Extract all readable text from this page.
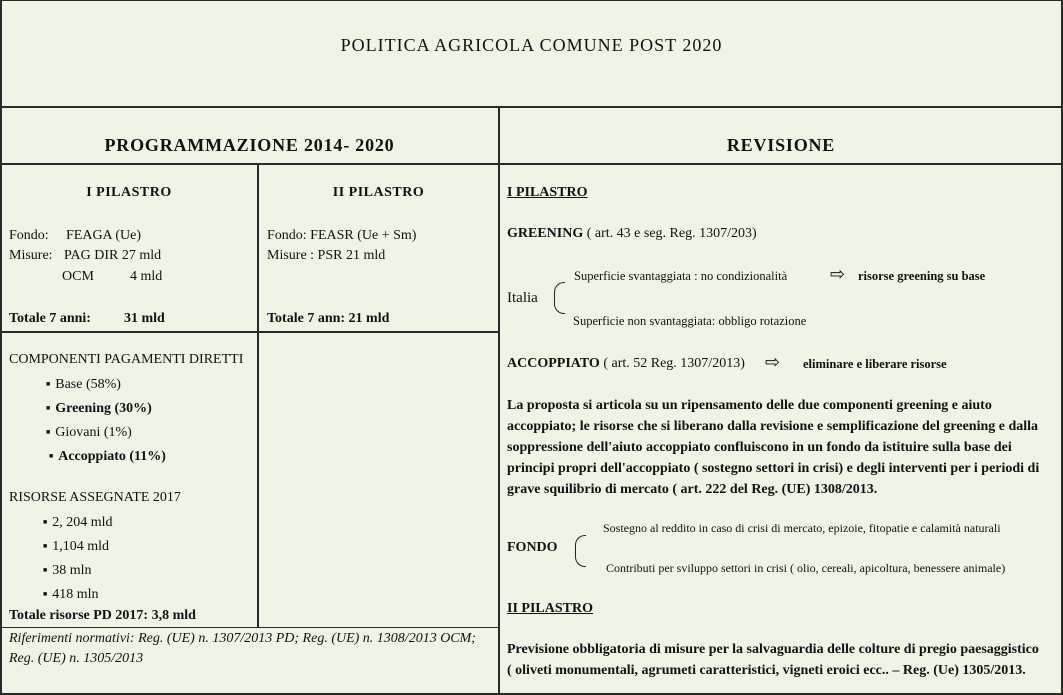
POLITICA AGRICOLA COMUNE POST 2020
PROGRAMMAZIONE 2014- 2020	REVISIONE
I PILASTRO
Fondo: FEAGA (Ue)
Misure: PAG DIR 27 mld
OCM	4 mld
Totale 7 anni: 31 mld
II PILASTRO
Fondo: FEASR (Ue + Sm)
Misure : PSR 21 mld
Totale 7 ann: 21 mld
COMPONENTI PAGAMENTI DIRETTI
■ Base (58%)
■ Greening (30%)
■ Giovani (1%)
■ Accoppiato (11%)
RISORSE ASSEGNATE 2017
■ 2, 204 mld
■ 1,104 mld
■ 38 mln
■ 418 mln
Totale risorse PD 2017: 3,8 mld
Riferimenti normativi: Reg. (UE) n. 1307/2013 PD; Reg. (UE) n. 1308/2013 OCM;
Reg. (UE) n. 1305/2013
I PILASTRO
GREENING ( art. 43 e seg. Reg. 1307/203)
Superficie svantaggiata : no condizionalità ⇨ risorse greening su base
Italia
Superficie non svantaggiata: obbligo rotazione
ACCOPPIATO ( art. 52 Reg. 1307/2013) ⇨ eliminare e liberare risorse
La proposta si articola su un ripensamento delle due componenti greening e aiuto
accoppiato; le risorse che si liberano dalla revisione e semplificazione del greening e dalla
soppressione dell'aiuto accoppiato confluiscono in un fondo da istituire sulla base dei
principi propri dell'accoppiato ( sostegno settori in crisi) e degli interventi per i periodi di
grave squilibrio di mercato ( art. 222 del Reg. (UE) 1308/2013.
Sostegno al reddito in caso di crisi di mercato, epizoie, fitopatie e calamità naturali
FONDO
Contributi per sviluppo settori in crisi ( olio, cereali, apicoltura, benessere animale)
II PILASTRO
Previsione obbligatoria di misure per la salvaguardia delle colture di pregio paesaggistico
( oliveti monumentali, agrumeti caratteristici, vigneti eroici ecc.. – Reg. (Ue) 1305/2013.
